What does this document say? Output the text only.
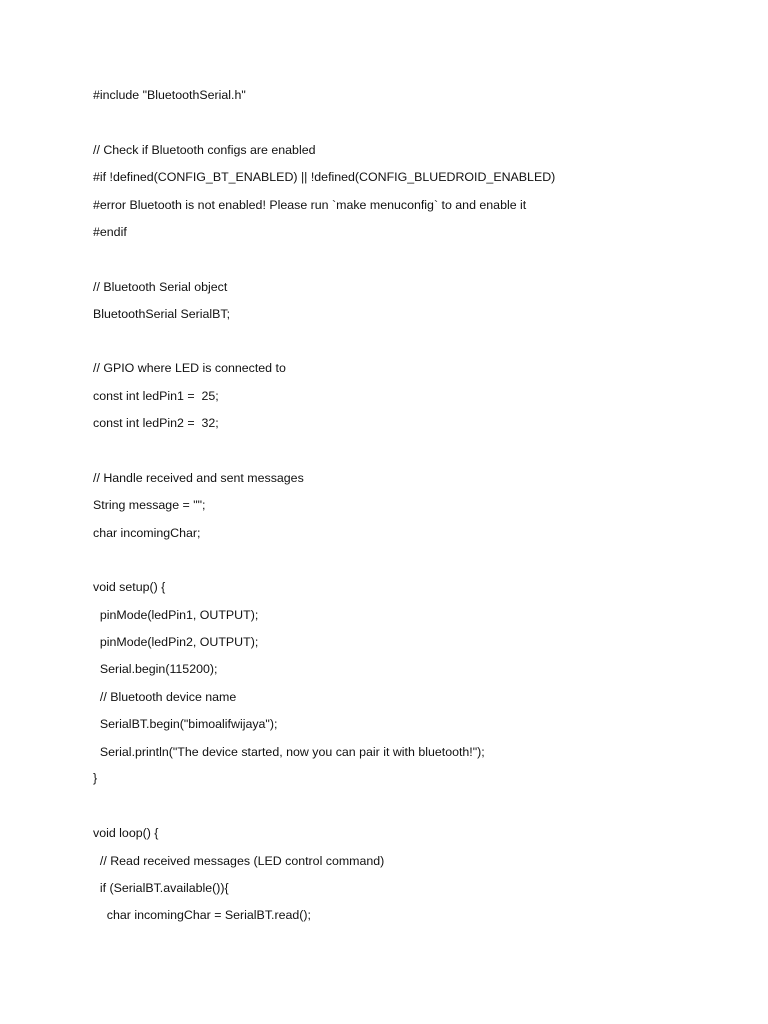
#include "BluetoothSerial.h"

// Check if Bluetooth configs are enabled

#if !defined(CONFIG_BT_ENABLED) || !defined(CONFIG_BLUEDROID_ENABLED)

#error Bluetooth is not enabled! Please run `make menuconfig` to and enable it

#endif

// Bluetooth Serial object

BluetoothSerial SerialBT;

// GPIO where LED is connected to

const int ledPin1 =  25;

const int ledPin2 =  32;

// Handle received and sent messages

String message = "";

char incomingChar;

void setup() {

pinMode(ledPin1, OUTPUT);

pinMode(ledPin2, OUTPUT);

Serial.begin(115200);

// Bluetooth device name

SerialBT.begin("bimoalifwijaya");

Serial.println("The device started, now you can pair it with bluetooth!");

}

void loop() {

// Read received messages (LED control command)

if (SerialBT.available()){

char incomingChar = SerialBT.read();
